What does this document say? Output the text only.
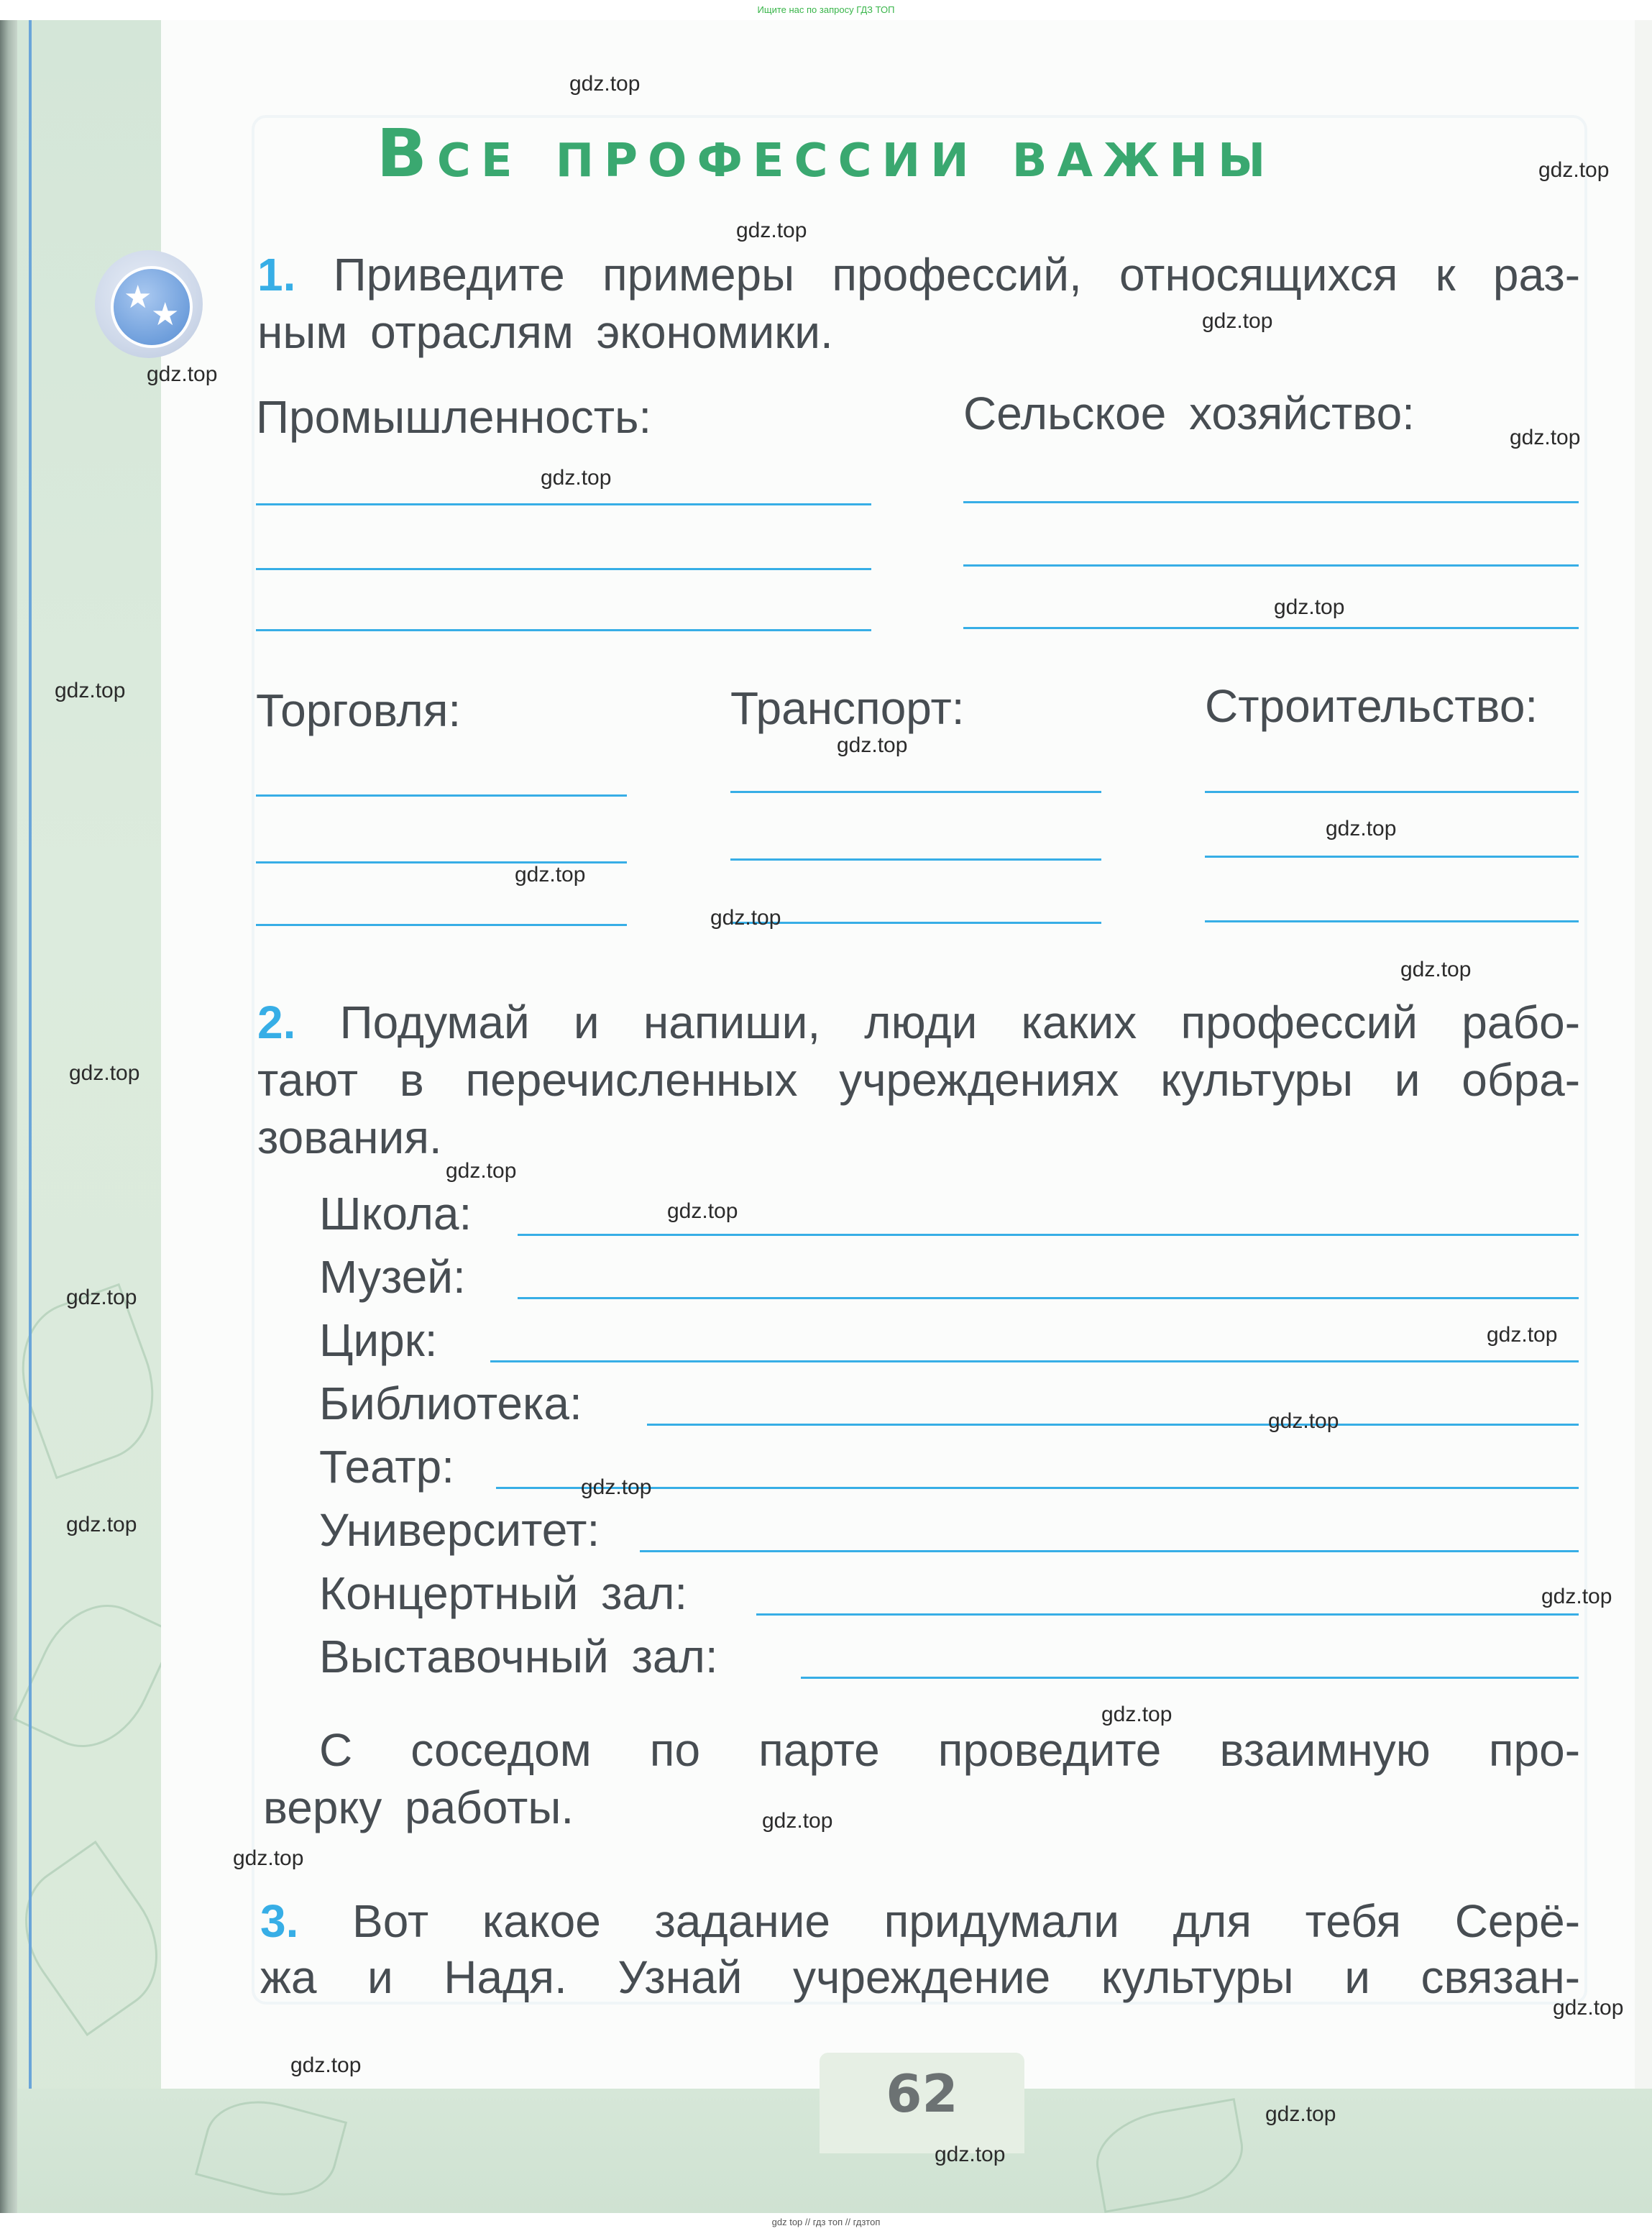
Ищите нас по запросу ГДЗ ТОП
Все профессии важны
★
★
1. Приведите примеры профессий, относящихся к раз-
ным отраслям экономики.
Промышленность:	Сельское хозяйство:
Торговля:	Транспорт:	Строительство:
2. Подумай и напиши, люди каких профессий рабо-
тают в перечисленных учреждениях культуры и обра-
зования.
Школа:
Музей:
Цирк:
Библиотека:
Театр:
Университет:
Концертный зал:
Выставочный зал:
С соседом по парте проведите взаимную про-
верку работы.
3. Вот какое задание придумали для тебя Серё-
жа и Надя. Узнай учреждение культуры и связан-
62
gdz top // гдз топ // гдзтоп
gdz.top
gdz.top
gdz.top
gdz.top
gdz.top
gdz.top
gdz.top
gdz.top
gdz.top
gdz.top
gdz.top
gdz.top
gdz.top
gdz.top
gdz.top
gdz.top
gdz.top
gdz.top
gdz.top
gdz.top
gdz.top
gdz.top
gdz.top
gdz.top
gdz.top
gdz.top
gdz.top
gdz.top
gdz.top
gdz.top
